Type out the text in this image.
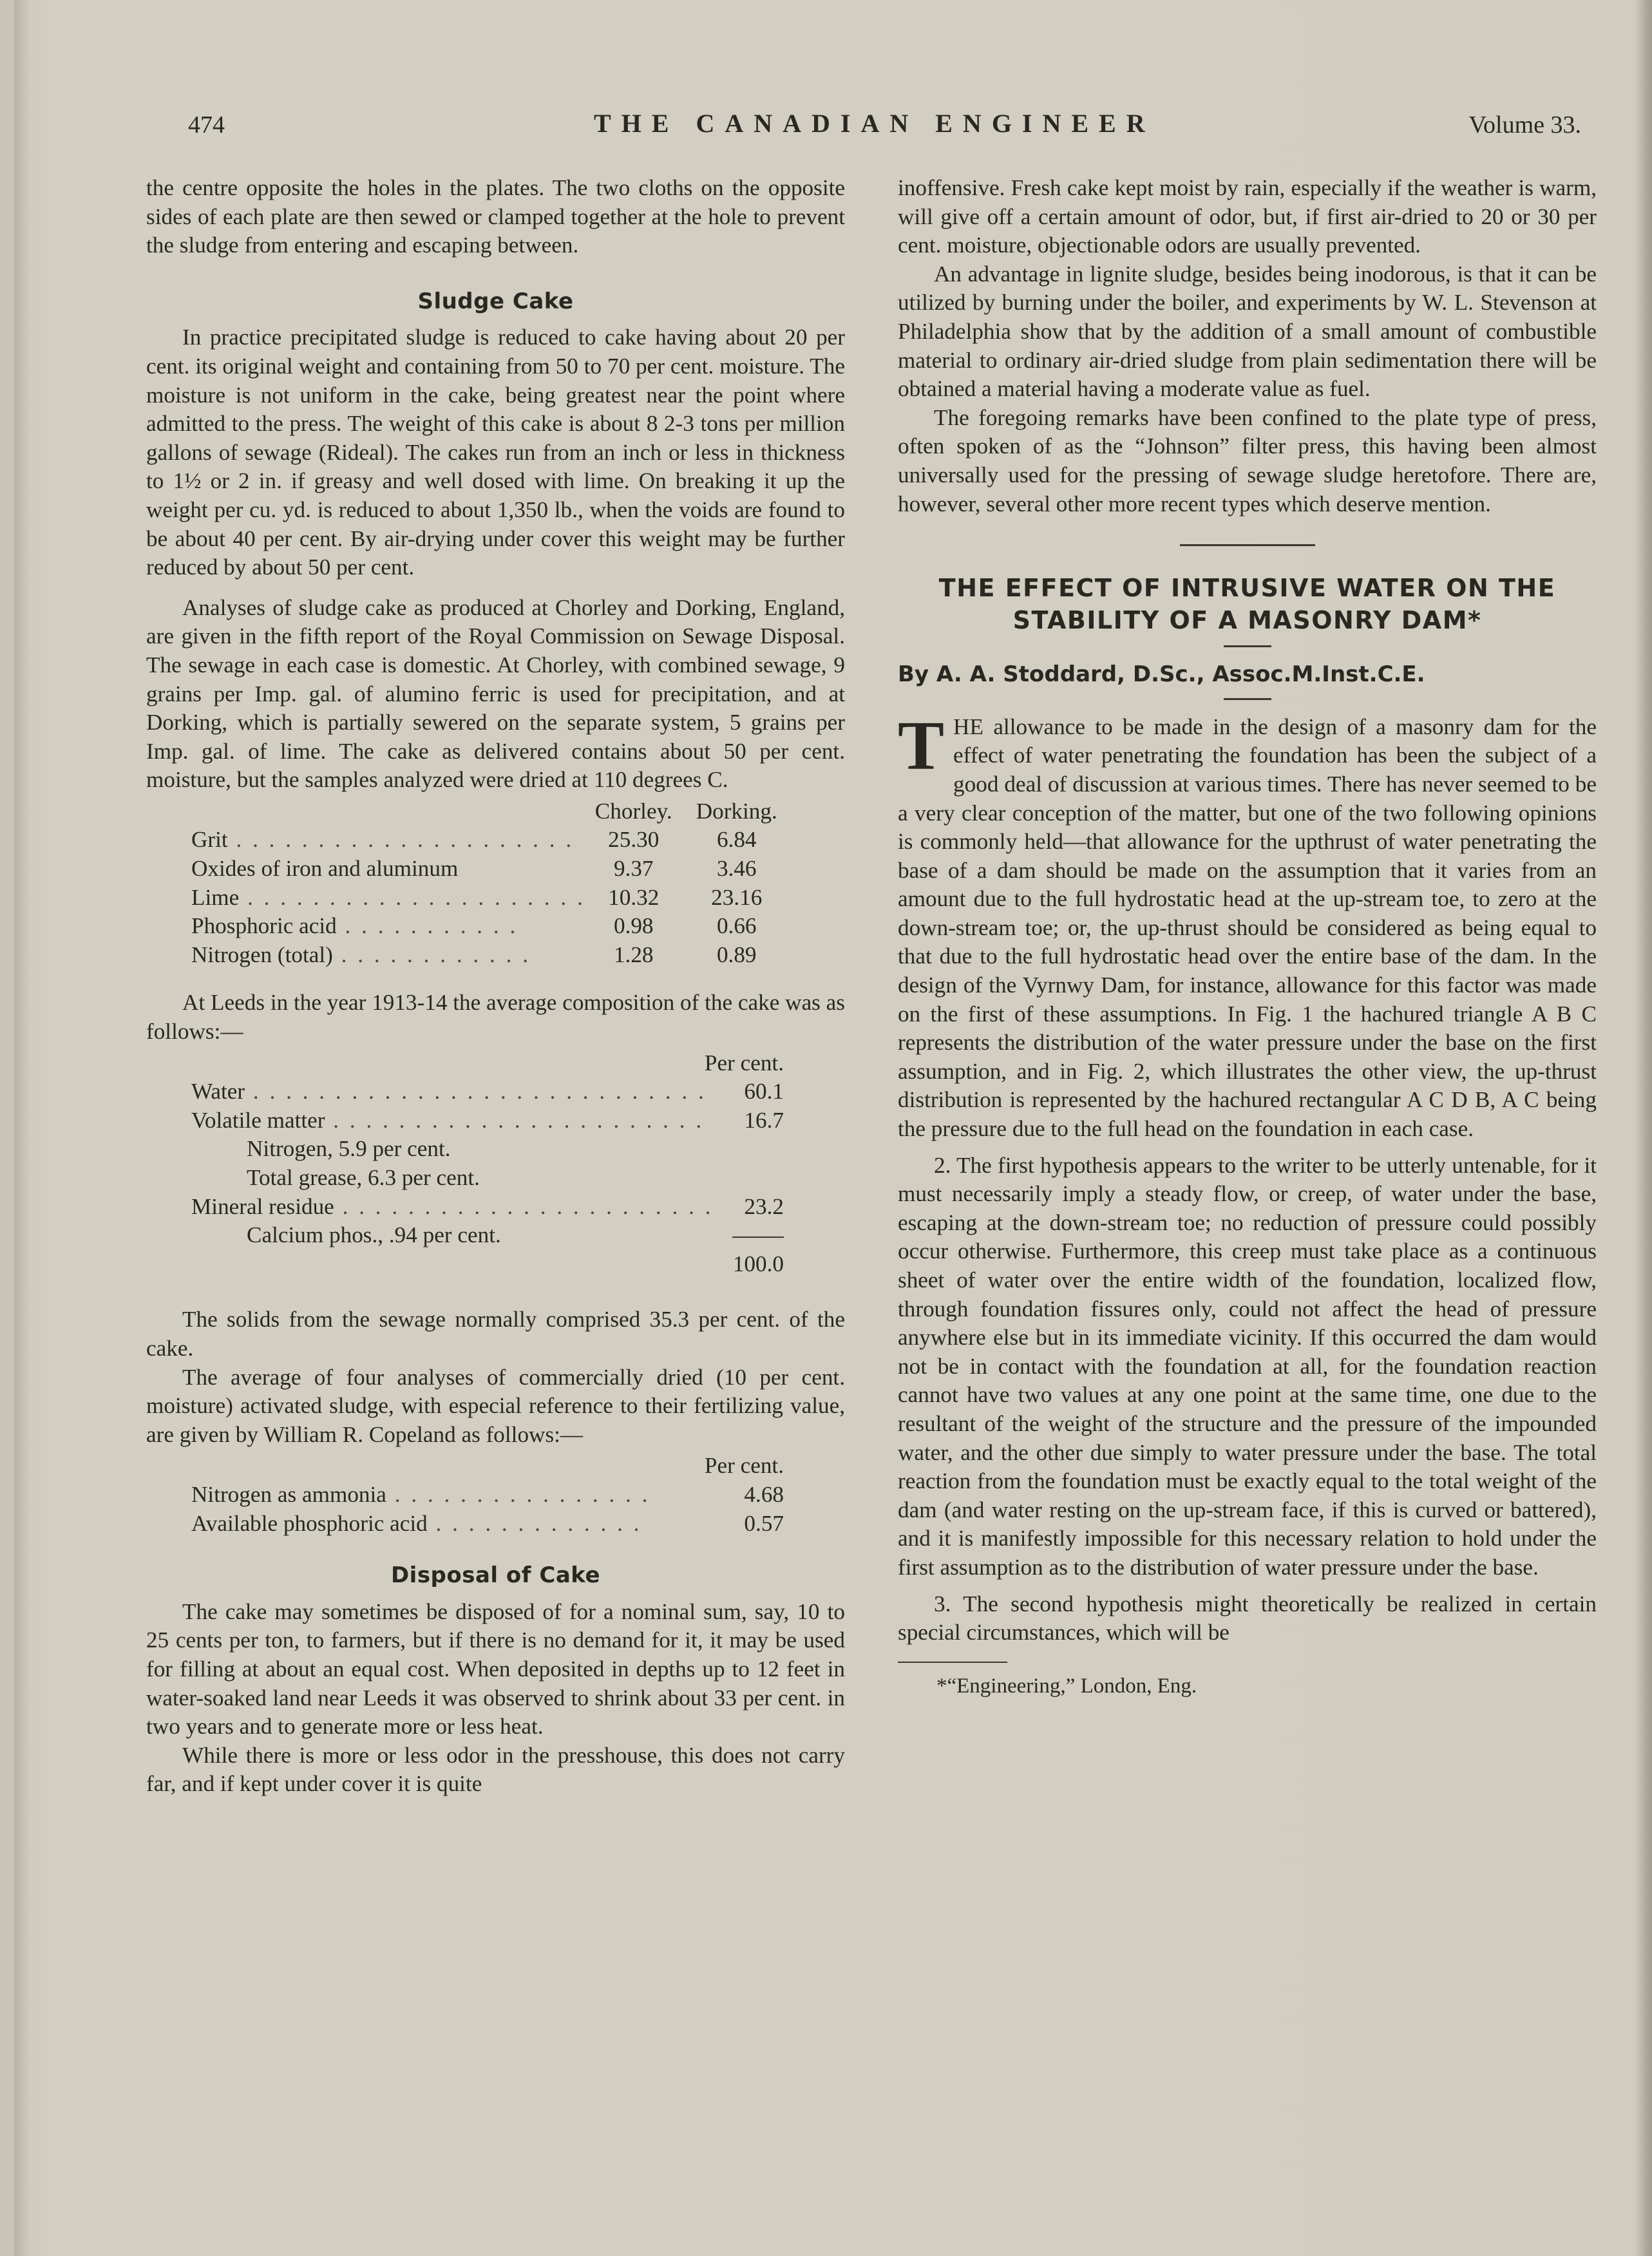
474	THE CANADIAN ENGINEER	Volume 33.

the centre opposite the holes in the plates. The two cloths on the opposite sides of each plate are then sewed or clamped together at the hole to prevent the sludge from entering and escaping between.

Sludge Cake

In practice precipitated sludge is reduced to cake having about 20 per cent. its original weight and containing from 50 to 70 per cent. moisture. The moisture is not uniform in the cake, being greatest near the point where admitted to the press. The weight of this cake is about 8 2-3 tons per million gallons of sewage (Rideal). The cakes run from an inch or less in thickness to 1½ or 2 in. if greasy and well dosed with lime. On breaking it up the weight per cu. yd. is reduced to about 1,350 lb., when the voids are found to be about 40 per cent. By air-drying under cover this weight may be further reduced by about 50 per cent.

Analyses of sludge cake as produced at Chorley and Dorking, England, are given in the fifth report of the Royal Commission on Sewage Disposal. The sewage in each case is domestic. At Chorley, with combined sewage, 9 grains per Imp. gal. of alumino ferric is used for precipitation, and at Dorking, which is partially sewered on the separate system, 5 grains per Imp. gal. of lime. The cake as delivered contains about 50 per cent. moisture, but the samples analyzed were dried at 110 degrees C.

	Chorley.	Dorking.
Grit . . . . . . . . . . . . . . . . . . . . .	25.30	6.84
Oxides of iron and aluminum	9.37	3.46
Lime . . . . . . . . . . . . . . . . . . . . .	10.32	23.16
Phosphoric acid . . . . . . . . . . .	0.98	0.66
Nitrogen (total) . . . . . . . . . . . .	1.28	0.89

At Leeds in the year 1913-14 the average composition of the cake was as follows:—

Per cent.
Water . . . . . . . . . . . . . . . . . . . . . . . . . . . .	60.1
Volatile matter . . . . . . . . . . . . . . . . . . . . . . .	16.7
Nitrogen, 5.9 per cent.
Total grease, 6.3 per cent.
Mineral residue . . . . . . . . . . . . . . . . . . . . . . .	23.2
Calcium phos., .94 per cent.
100.0

The solids from the sewage normally comprised 35.3 per cent. of the cake.

The average of four analyses of commercially dried (10 per cent. moisture) activated sludge, with especial reference to their fertilizing value, are given by William R. Copeland as follows:—

Per cent.
Nitrogen as ammonia . . . . . . . . . . . . . . . .	4.68
Available phosphoric acid . . . . . . . . . . . . .	0.57
Disposal of Cake

The cake may sometimes be disposed of for a nominal sum, say, 10 to 25 cents per ton, to farmers, but if there is no demand for it, it may be used for filling at about an equal cost. When deposited in depths up to 12 feet in water-soaked land near Leeds it was observed to shrink about 33 per cent. in two years and to generate more or less heat.

While there is more or less odor in the presshouse, this does not carry far, and if kept under cover it is quite

inoffensive. Fresh cake kept moist by rain, especially if the weather is warm, will give off a certain amount of odor, but, if first air-dried to 20 or 30 per cent. moisture, objectionable odors are usually prevented.

An advantage in lignite sludge, besides being inodorous, is that it can be utilized by burning under the boiler, and experiments by W. L. Stevenson at Philadelphia show that by the addition of a small amount of combustible material to ordinary air-dried sludge from plain sedimentation there will be obtained a material having a moderate value as fuel.

The foregoing remarks have been confined to the plate type of press, often spoken of as the “Johnson” filter press, this having been almost universally used for the pressing of sewage sludge heretofore. There are, however, several other more recent types which deserve mention.

THE EFFECT OF INTRUSIVE WATER ON THE STABILITY OF A MASONRY DAM*

By A. A. Stoddard, D.Sc., Assoc.M.Inst.C.E.

THE allowance to be made in the design of a masonry dam for the effect of water penetrating the foundation has been the subject of a good deal of discussion at various times. There has never seemed to be a very clear conception of the matter, but one of the two following opinions is commonly held—that allowance for the upthrust of water penetrating the base of a dam should be made on the assumption that it varies from an amount due to the full hydrostatic head at the up-stream toe, to zero at the down-stream toe; or, the up-thrust should be considered as being equal to that due to the full hydrostatic head over the entire base of the dam. In the design of the Vyrnwy Dam, for instance, allowance for this factor was made on the first of these assumptions. In Fig. 1 the hachured triangle A B C represents the distribution of the water pressure under the base on the first assumption, and in Fig. 2, which illustrates the other view, the up-thrust distribution is represented by the hachured rectangular A C D B, A C being the pressure due to the full head on the foundation in each case.

2. The first hypothesis appears to the writer to be utterly untenable, for it must necessarily imply a steady flow, or creep, of water under the base, escaping at the down-stream toe; no reduction of pressure could possibly occur otherwise. Furthermore, this creep must take place as a continuous sheet of water over the entire width of the foundation, localized flow, through foundation fissures only, could not affect the head of pressure anywhere else but in its immediate vicinity. If this occurred the dam would not be in contact with the foundation at all, for the foundation reaction cannot have two values at any one point at the same time, one due to the resultant of the weight of the structure and the pressure of the impounded water, and the other due simply to water pressure under the base. The total reaction from the foundation must be exactly equal to the total weight of the dam (and water resting on the up-stream face, if this is curved or battered), and it is manifestly impossible for this necessary relation to hold under the first assumption as to the distribution of water pressure under the base.

3. The second hypothesis might theoretically be realized in certain special circumstances, which will be

*“Engineering,” London, Eng.
